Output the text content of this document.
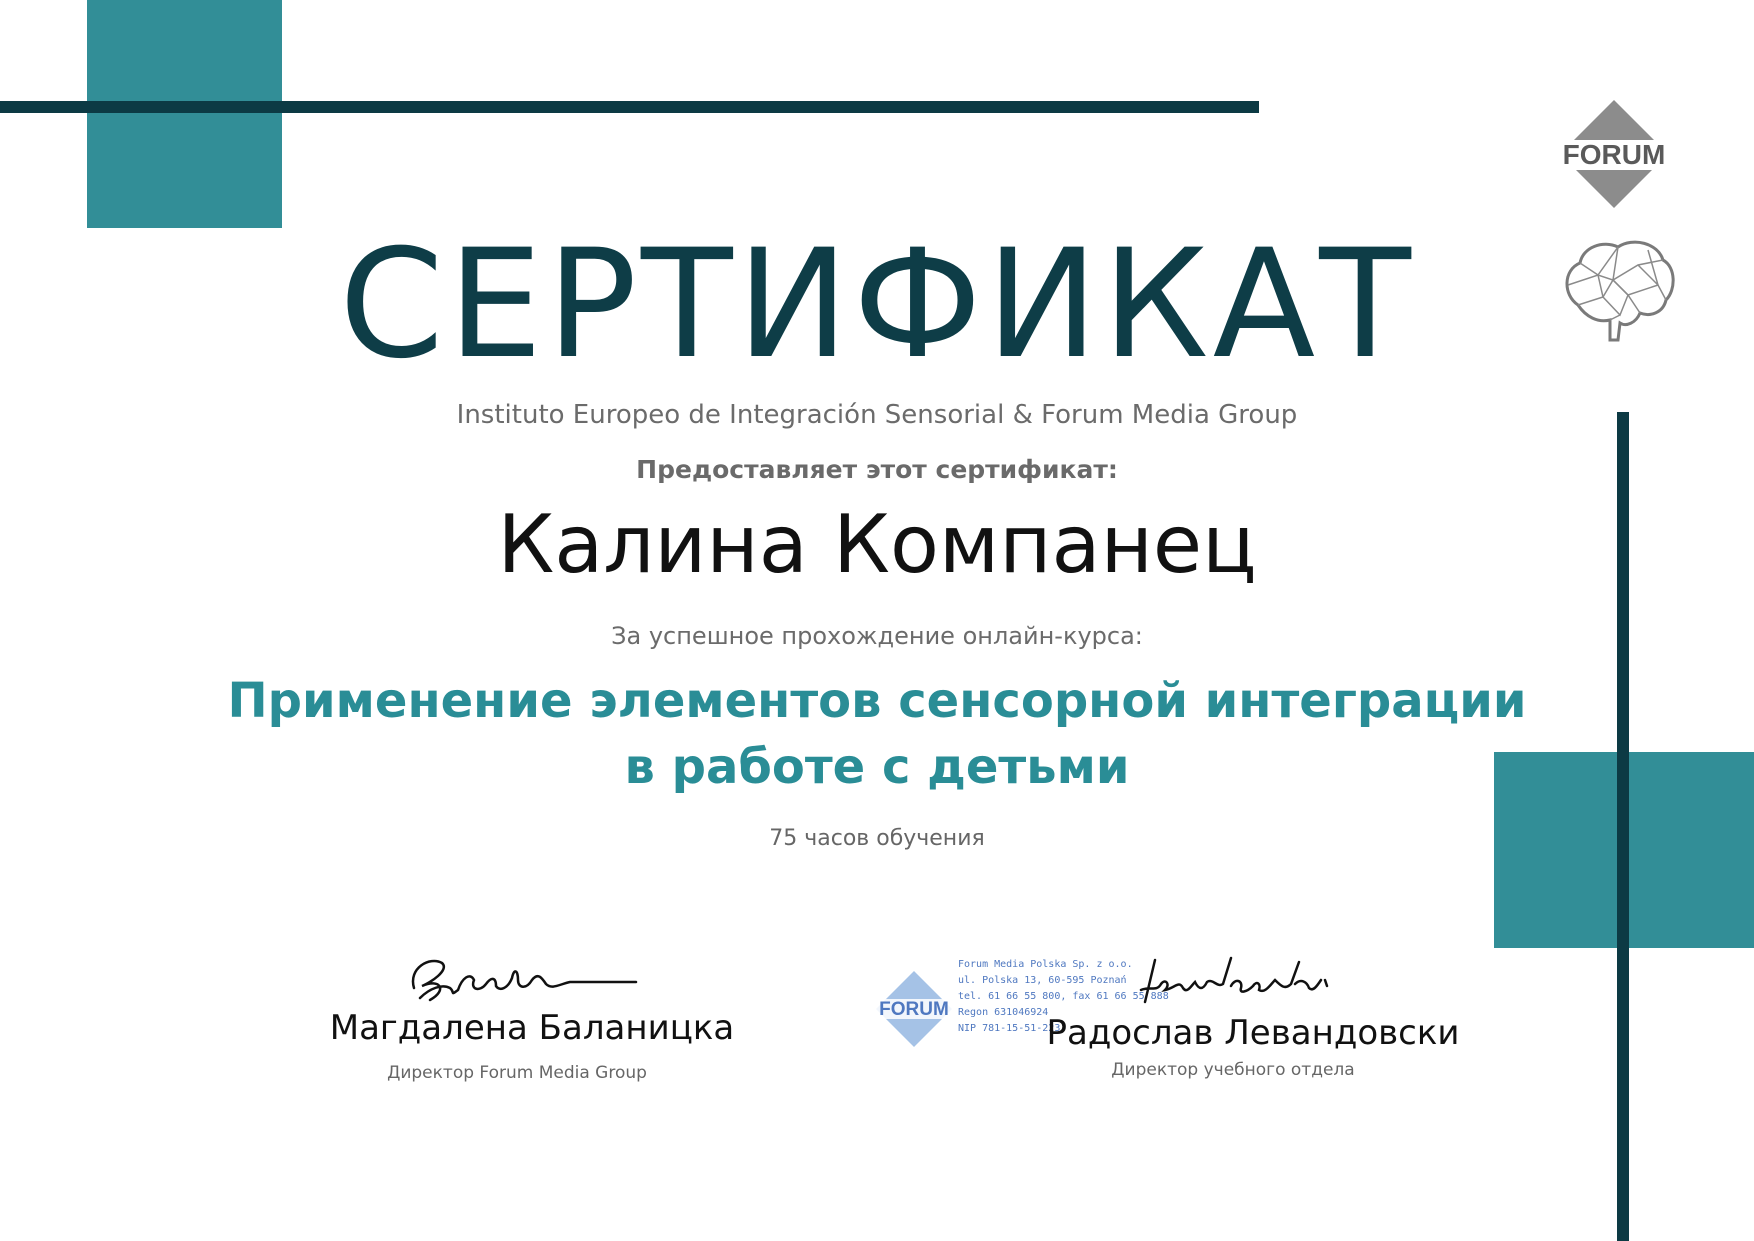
FORUM
СЕРТИФИКАТ
Instituto Europeo de Integración Sensorial & Forum Media Group
Предоставляет этот сертификат:
Калина Компанец
За успешное прохождение онлайн-курса:
Применение элементов сенсорной интеграции
в работе с детьми
75 часов обучения
Магдалена Баланицка
Директор Forum Media Group
FORUM
Forum Media Polska Sp. z o.o.
ul. Polska 13, 60-595 Poznań
tel. 61 66 55 800, fax 61 66 55 888
Regon 631046924
NIP 781-15-51-223
Радослав Левандовски
Директор учебного отдела
